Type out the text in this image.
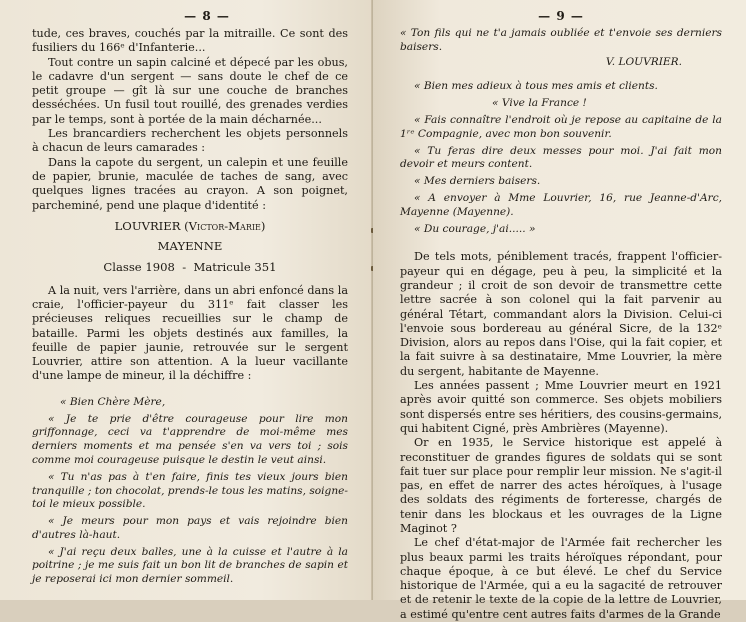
— 8 —

tude, ces braves, couchés par la mitraille. Ce sont des fusiliers du 166ᵉ d'Infanterie...

Tout contre un sapin calciné et dépecé par les obus, le cadavre d'un sergent — sans doute le chef de ce petit groupe — gît là sur une couche de branches desséchées. Un fusil tout rouillé, des grenades verdies par le temps, sont à portée de la main décharnée...

Les brancardiers recherchent les objets personnels à chacun de leurs camarades :

Dans la capote du sergent, un calepin et une feuille de papier, brunie, maculée de taches de sang, avec quelques lignes tracées au crayon. A son poignet, parcheminé, pend une plaque d'identité :

LOUVRIER (Victor-Marie)
MAYENNE
Classe 1908  -  Matricule 351

A la nuit, vers l'arrière, dans un abri enfoncé dans la craie, l'officier-payeur du 311ᵉ fait classer les précieuses reliques recueillies sur le champ de bataille. Parmi les objets destinés aux familles, la feuille de papier jaunie, retrouvée sur le sergent Louvrier, attire son attention. A la lueur vacillante d'une lampe de mineur, il la déchiffre :

« Bien Chère Mère,

« Je te prie d'être courageuse pour lire mon griffonnage, ceci va t'apprendre de moi-même mes derniers moments et ma pensée s'en va vers toi ; sois comme moi courageuse puisque le destin le veut ainsi.

« Tu n'as pas à t'en faire, finis tes vieux jours bien tranquille ; ton chocolat, prends-le tous les matins, soigne-toi le mieux possible.

« Je meurs pour mon pays et vais rejoindre bien d'autres là-haut.

« J'ai reçu deux balles, une à la cuisse et l'autre à la poitrine ; je me suis fait un bon lit de branches de sapin et je reposerai ici mon dernier sommeil.

— 9 —

« Ton fils qui ne t'a jamais oubliée et t'envoie ses derniers baisers.

V. LOUVRIER.

« Bien mes adieux à tous mes amis et clients.

« Vive la France !

« Fais connaître l'endroit où je repose au capitaine de la 1ʳᵉ Compagnie, avec mon bon souvenir.

« Tu feras dire deux messes pour moi. J'ai fait mon devoir et meurs content.

« Mes derniers baisers.

« A envoyer à Mme Louvrier, 16, rue Jeanne-d'Arc, Mayenne (Mayenne).

« Du courage, j'ai..... »

De tels mots, péniblement tracés, frappent l'officier-payeur qui en dégage, peu à peu, la simplicité et la grandeur ; il croit de son devoir de transmettre cette lettre sacrée à son colonel qui la fait parvenir au général Tétart, commandant alors la Division. Celui-ci l'envoie sous bordereau au général Sicre, de la 132ᵉ Division, alors au repos dans l'Oise, qui la fait copier, et la fait suivre à sa destinataire, Mme Louvrier, la mère du sergent, habitante de Mayenne.

Les années passent ; Mme Louvrier meurt en 1921 après avoir quitté son commerce. Ses objets mobiliers sont dispersés entre ses héritiers, des cousins-germains, qui habitent Cigné, près Ambrières (Mayenne).

Or en 1935, le Service historique est appelé à reconstituer de grandes figures de soldats qui se sont fait tuer sur place pour remplir leur mission. Ne s'agit-il pas, en effet de narrer des actes héroïques, à l'usage des soldats des régiments de forteresse, chargés de tenir dans les blockaus et les ouvrages de la Ligne Maginot ?

Le chef d'état-major de l'Armée fait rechercher les plus beaux parmi les traits héroïques répondant, pour chaque époque, à ce but élevé. Le chef du Service historique de l'Armée, qui a eu la sagacité de retrouver et de retenir le texte de la copie de la lettre de Louvrier, a estimé qu'entre cent autres faits d'armes de la Grande
